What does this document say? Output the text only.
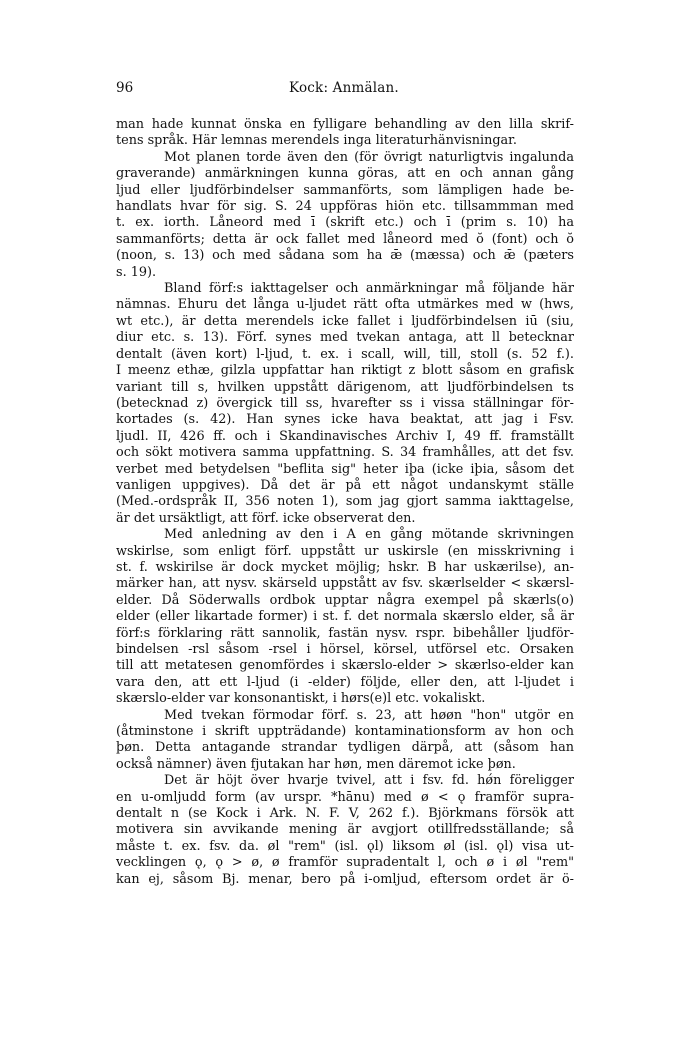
96	Kock: Anmälan.
man hade kunnat önska en fylligare behandling av den lilla skrif-
tens språk. Här lemnas merendels inga literaturhänvisningar.
Mot planen torde även den (för övrigt naturligtvis ingalunda
graverande) anmärkningen kunna göras, att en och annan gång
ljud eller ljudförbindelser sammanförts, som lämpligen hade be-
handlats hvar för sig. S. 24 uppföras hiön etc. tillsammman med
t. ex. iorth. Låneord med ī (skrift etc.) och ī (prim s. 10) ha
sammanförts; detta är ock fallet med låneord med ŏ (font) och ŏ
(noon, s. 13) och med sådana som ha ǣ (mæssa) och ǣ (pæters
s. 19).
Bland förf:s iakttagelser och anmärkningar må följande här
nämnas. Ehuru det långa u-ljudet rätt ofta utmärkes med w (hws,
wt etc.), är detta merendels icke fallet i ljudförbindelsen iū (siu,
diur etc. s. 13). Förf. synes med tvekan antaga, att ll betecknar
dentalt (även kort) l-ljud, t. ex. i scall, will, till, stoll (s. 52 f.).
I meenz ethæ, gilzla uppfattar han riktigt z blott såsom en grafisk
variant till s, hvilken uppstått därigenom, att ljudförbindelsen ts
(betecknad z) övergick till ss, hvarefter ss i vissa ställningar för-
kortades (s. 42). Han synes icke hava beaktat, att jag i Fsv.
ljudl. II, 426 ff. och i Skandinavisches Archiv I, 49 ff. framställt
och sökt motivera samma uppfattning. S. 34 framhålles, att det fsv.
verbet med betydelsen "beflita sig" heter iþa (icke iþia, såsom det
vanligen uppgives). Då det är på ett något undanskymt ställe
(Med.-ordspråk II, 356 noten 1), som jag gjort samma iakttagelse,
är det ursäktligt, att förf. icke observerat den.
Med anledning av den i A en gång mötande skrivningen
wskirlse, som enligt förf. uppstått ur uskirsle (en misskrivning i
st. f. wskirilse är dock mycket möjlig; hskr. B har uskærilse), an-
märker han, att nysv. skärseld uppstått av fsv. skærlselder < skærsl-
elder. Då Söderwalls ordbok upptar några exempel på skærls(o)
elder (eller likartade former) i st. f. det normala skærslo elder, så är
förf:s förklaring rätt sannolik, fastän nysv. rspr. bibehåller ljudför-
bindelsen -rsl såsom -rsel i hörsel, körsel, utförsel etc. Orsaken
till att metatesen genomfördes i skærslo-elder > skærlso-elder kan
vara den, att ett l-ljud (i -elder) följde, eller den, att l-ljudet i
skærslo-elder var konsonantiskt, i hørs(e)l etc. vokaliskt.
Med tvekan förmodar förf. s. 23, att høøn "hon" utgör en
(åtminstone i skrift uppträdande) kontaminationsform av hon och
þøn. Detta antagande strandar tydligen därpå, att (såsom han
också nämner) även fjutakan har høn, men däremot icke þøn.
Det är höjt över hvarje tvivel, att i fsv. fd. hǿn föreligger
en u-omljudd form (av urspr. *hānu) med ø < ǫ framför supra-
dentalt n (se Kock i Ark. N. F. V, 262 f.). Björkmans försök att
motivera sin avvikande mening är avgjort otillfredsställande; så
måste t. ex. fsv. da. øl "rem" (isl. ǫl) liksom øl (isl. ǫl) visa ut-
vecklingen ǫ, ǫ > ø, ø framför supradentalt l, och ø i øl "rem"
kan ej, såsom Bj. menar, bero på i-omljud, eftersom ordet är ö-
